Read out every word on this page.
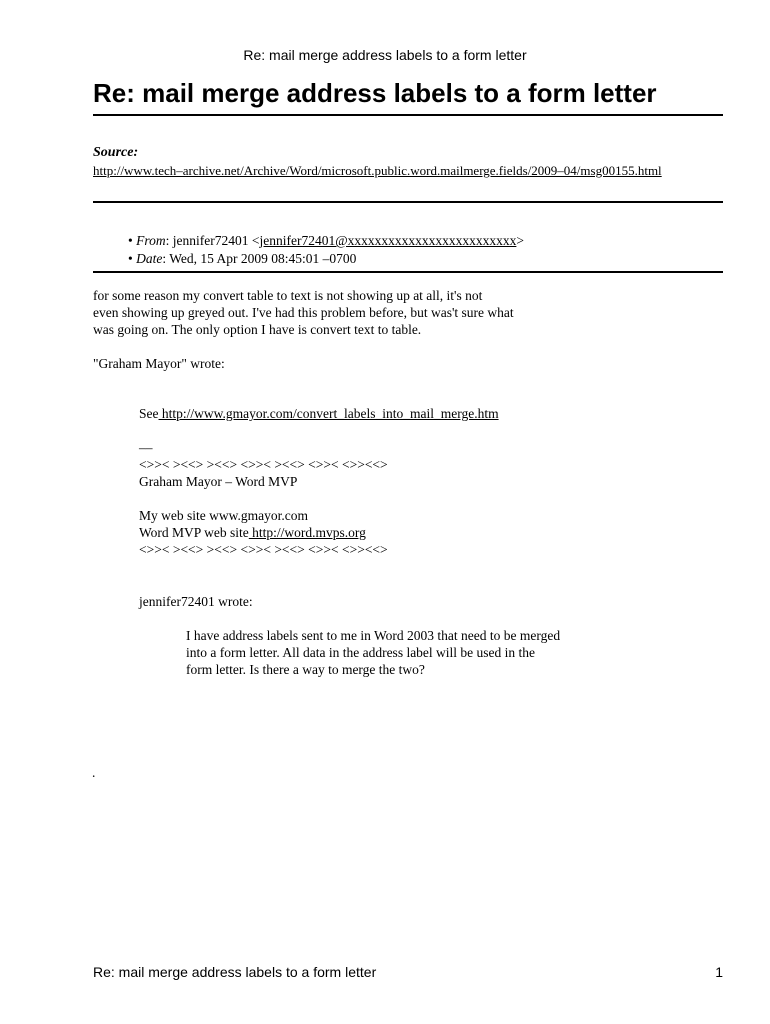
Re: mail merge address labels to a form letter
Re: mail merge address labels to a form letter
Source:
http://www.tech–archive.net/Archive/Word/microsoft.public.word.mailmerge.fields/2009–04/msg00155.html
• From: jennifer72401 <jennifer72401@xxxxxxxxxxxxxxxxxxxxxxxxx>
• Date: Wed, 15 Apr 2009 08:45:01 –0700
for some reason my convert table to text is not showing up at all, it's not
even showing up greyed out. I've had this problem before, but was't sure what
was going on. The only option I have is convert text to table.
"Graham Mayor" wrote:
See http://www.gmayor.com/convert_labels_into_mail_merge.htm
––
<>>< ><<> ><<> <>>< ><<> <>>< <>><<>
Graham Mayor – Word MVP
My web site www.gmayor.com
Word MVP web site http://word.mvps.org
<>>< ><<> ><<> <>>< ><<> <>>< <>><<>
jennifer72401 wrote:
I have address labels sent to me in Word 2003 that need to be merged
into a form letter. All data in the address label will be used in the
form letter. Is there a way to merge the two?
.
Re: mail merge address labels to a form letter	1
